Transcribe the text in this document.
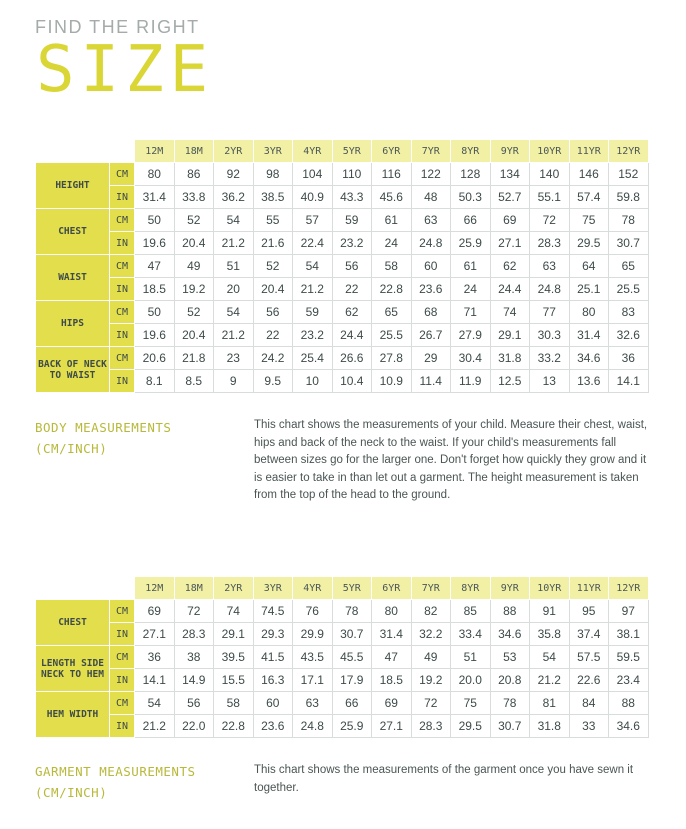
FIND THE RIGHT
SIZE
		12M	18M	2YR	3YR	4YR	5YR	6YR	7YR	8YR	9YR	10YR	11YR	12YR
HEIGHT	CM	80	86	92	98	104	110	116	122	128	134	140	146	152
	IN	31.4	33.8	36.2	38.5	40.9	43.3	45.6	48	50.3	52.7	55.1	57.4	59.8
CHEST	CM	50	52	54	55	57	59	61	63	66	69	72	75	78
	IN	19.6	20.4	21.2	21.6	22.4	23.2	24	24.8	25.9	27.1	28.3	29.5	30.7
WAIST	CM	47	49	51	52	54	56	58	60	61	62	63	64	65
	IN	18.5	19.2	20	20.4	21.2	22	22.8	23.6	24	24.4	24.8	25.1	25.5
HIPS	CM	50	52	54	56	59	62	65	68	71	74	77	80	83
	IN	19.6	20.4	21.2	22	23.2	24.4	25.5	26.7	27.9	29.1	30.3	31.4	32.6
BACK OF NECK TO WAIST	CM	20.6	21.8	23	24.2	25.4	26.6	27.8	29	30.4	31.8	33.2	34.6	36
	IN	8.1	8.5	9	9.5	10	10.4	10.9	11.4	11.9	12.5	13	13.6	14.1
BODY MEASUREMENTS
(CM/INCH)

This chart shows the measurements of your child. Measure their chest, waist, hips and back of the neck to the waist. If your child's measurements fall between sizes go for the larger one. Don't forget how quickly they grow and it is easier to take in than let out a garment. The height measurement is taken from the top of the head to the ground.

		12M	18M	2YR	3YR	4YR	5YR	6YR	7YR	8YR	9YR	10YR	11YR	12YR
CHEST	CM	69	72	74	74.5	76	78	80	82	85	88	91	95	97
	IN	27.1	28.3	29.1	29.3	29.9	30.7	31.4	32.2	33.4	34.6	35.8	37.4	38.1
LENGTH SIDE NECK TO HEM	CM	36	38	39.5	41.5	43.5	45.5	47	49	51	53	54	57.5	59.5
	IN	14.1	14.9	15.5	16.3	17.1	17.9	18.5	19.2	20.0	20.8	21.2	22.6	23.4
HEM WIDTH	CM	54	56	58	60	63	66	69	72	75	78	81	84	88
	IN	21.2	22.0	22.8	23.6	24.8	25.9	27.1	28.3	29.5	30.7	31.8	33	34.6
GARMENT MEASUREMENTS
(CM/INCH)

This chart shows the measurements of the garment once you have sewn it together.
